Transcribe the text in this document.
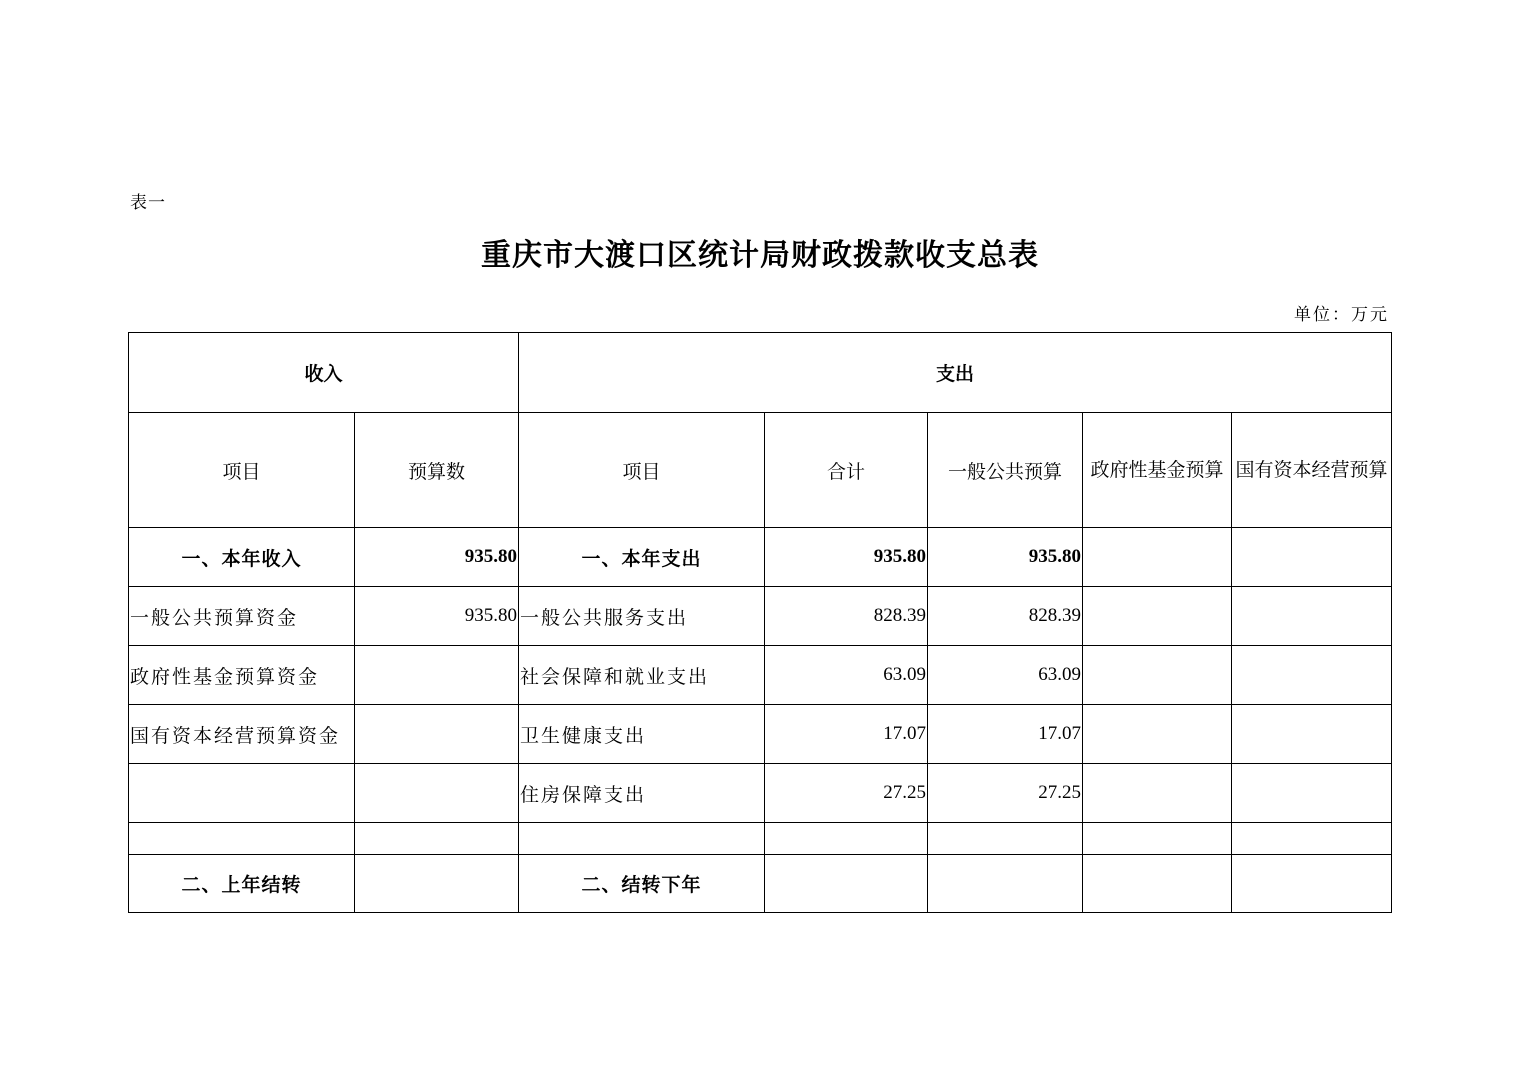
表一
重庆市大渡口区统计局财政拨款收支总表
单位：万元
收入		支出				
项目	预算数	项目	合计	一般公共预算	政府性基金预算	国有资本经营预算
一、本年收入	935.80	一、本年支出	935.80	935.80		
一般公共预算资金	935.80	一般公共服务支出	828.39	828.39		
政府性基金预算资金		社会保障和就业支出	63.09	63.09		
国有资本经营预算资金		卫生健康支出	17.07	17.07		
		住房保障支出	27.25	27.25		

二、上年结转		二、结转下年				
